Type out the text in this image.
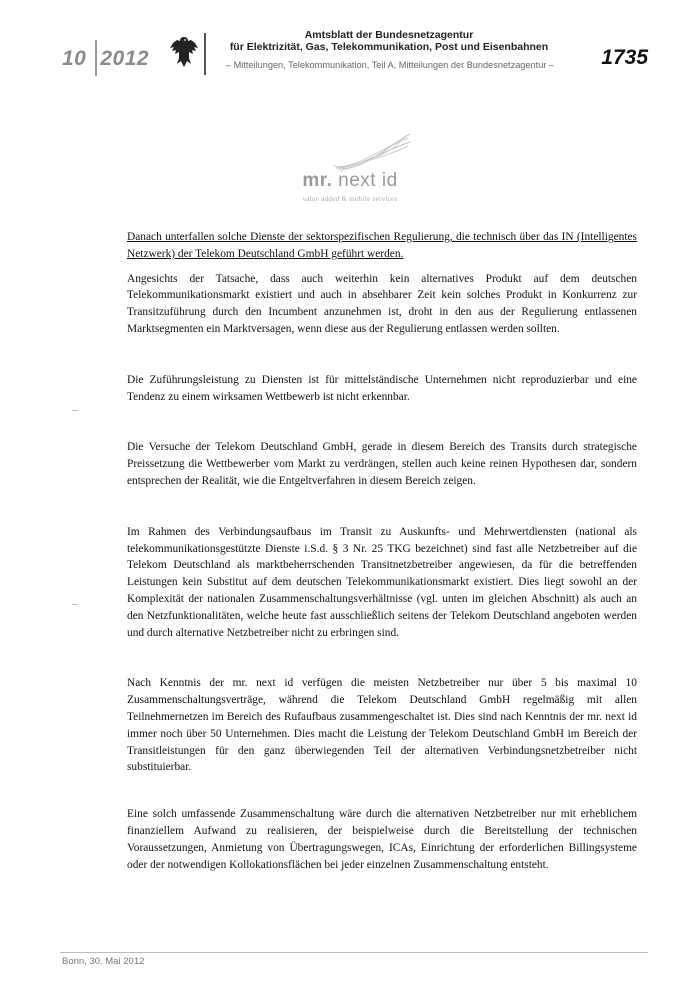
10 2012
Amtsblatt der Bundesnetzagentur
für Elektrizität, Gas, Telekommunikation, Post und Eisenbahnen
– Mitteilungen, Telekommunikation, Teil A, Mitteilungen der Bundesnetzagentur –	1735
mr. next id
value added & mobile services

Danach unterfallen solche Dienste der sektorspezifischen Regulierung, die technisch über das IN (Intelligentes Netzwerk) der Telekom Deutschland GmbH geführt werden.

Angesichts der Tatsache, dass auch weiterhin kein alternatives Produkt auf dem deutschen Telekommunikationsmarkt existiert und auch in absehbarer Zeit kein solches Produkt in Konkurrenz zur Transitzuführung durch den Incumbent anzunehmen ist, droht in den aus der Regulierung entlassenen Marktsegmenten ein Marktversagen, wenn diese aus der Regulierung entlassen werden sollten.

Die Zuführungsleistung zu Diensten ist für mittelständische Unternehmen nicht reproduzierbar und eine Tendenz zu einem wirksamen Wettbewerb ist nicht erkennbar.

Die Versuche der Telekom Deutschland GmbH, gerade in diesem Bereich des Transits durch strategische Preissetzung die Wettbewerber vom Markt zu verdrängen, stellen auch keine reinen Hypothesen dar, sondern entsprechen der Realität, wie die Entgeltverfahren in diesem Bereich zeigen.

Im Rahmen des Verbindungsaufbaus im Transit zu Auskunfts- und Mehrwertdiensten (national als telekommunikationsgestützte Dienste i.S.d. § 3 Nr. 25 TKG bezeichnet) sind fast alle Netzbetreiber auf die Telekom Deutschland als marktbeherrschenden Transitnetzbetreiber angewiesen, da für die betreffenden Leistungen kein Substitut auf dem deutschen Telekommunikationsmarkt existiert. Dies liegt sowohl an der Komplexität der nationalen Zusammenschaltungsverhältnisse (vgl. unten im gleichen Abschnitt) als auch an den Netzfunktionalitäten, welche heute fast ausschließlich seitens der Telekom Deutschland angeboten werden und durch alternative Netzbetreiber nicht zu erbringen sind.

Nach Kenntnis der mr. next id verfügen die meisten Netzbetreiber nur über 5 bis maximal 10 Zusammenschaltungsverträge, während die Telekom Deutschland GmbH regelmäßig mit allen Teilnehmernetzen im Bereich des Rufaufbaus zusammengeschaltet ist. Dies sind nach Kenntnis der mr. next id immer noch über 50 Unternehmen. Dies macht die Leistung der Telekom Deutschland GmbH im Bereich der Transitleistungen für den ganz überwiegenden Teil der alternativen Verbindungsnetzbetreiber nicht substituierbar.

Eine solch umfassende Zusammenschaltung wäre durch die alternativen Netzbetreiber nur mit erheblichem finanziellem Aufwand zu realisieren, der beispielweise durch die Bereitstellung der technischen Voraussetzungen, Anmietung von Übertragungswegen, ICAs, Einrichtung der erforderlichen Billingsysteme oder der notwendigen Kollokationsflächen bei jeder einzelnen Zusammenschaltung entsteht.

Bonn, 30. Mai 2012
